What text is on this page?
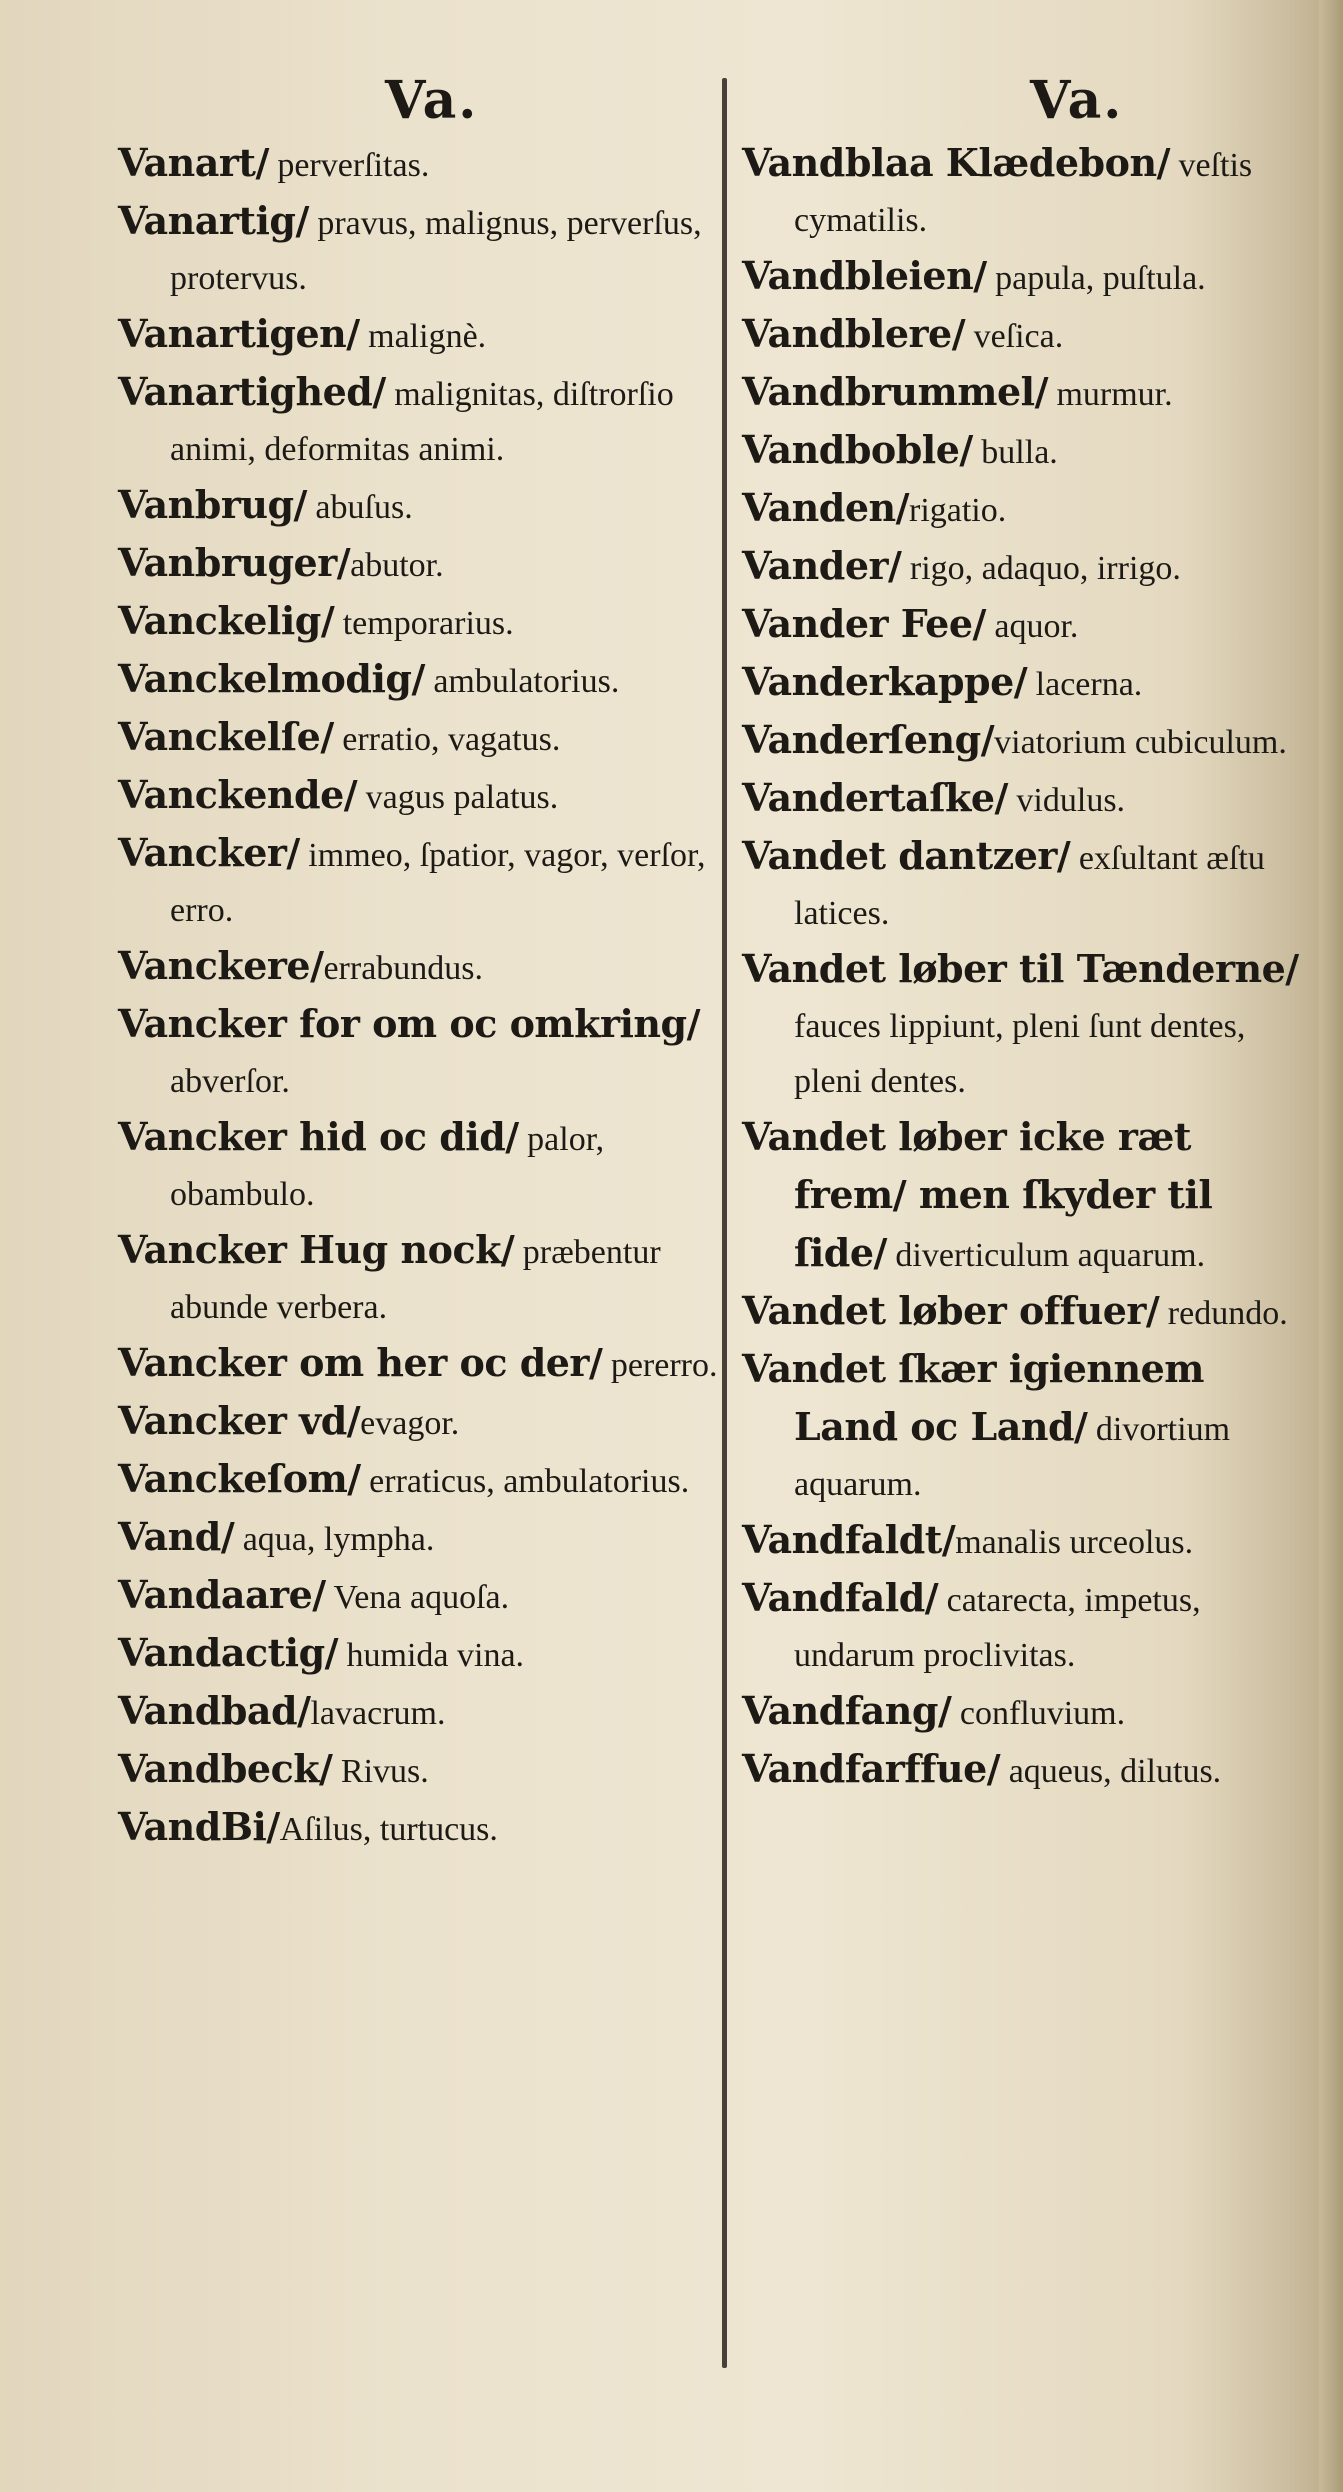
Va.	Va.
Vanart/ perverſitas.
Vanartig/ pravus, malignus, perverſus, protervus.
Vanartigen/ malignè.
Vanartighed/ malignitas, diſtrorſio animi, deformitas animi.
Vanbrug/ abuſus.
Vanbruger/abutor.
Vanckelig/ temporarius.
Vanckelmodig/ ambulatorius.
Vanckelſe/ erratio, vagatus.
Vanckende/ vagus palatus.
Vancker/ immeo, ſpatior, vagor, verſor, erro.
Vanckere/errabundus.
Vancker for om oc omkring/ abverſor.
Vancker hid oc did/ palor, obambulo.
Vancker Hug nock/ præbentur abunde verbera.
Vancker om her oc der/ pererro.
Vancker vd/evagor.
Vanckeſom/ erraticus, ambulatorius.
Vand/ aqua, lympha.
Vandaare/ Vena aquoſa.
Vandactig/ humida vina.
Vandbad/lavacrum.
Vandbeck/ Rivus.
VandBi/Aſilus, turtucus.
Vandblaa Klædebon/ veſtis cymatilis.
Vandbleien/ papula, puſtula.
Vandblere/ veſica.
Vandbrummel/ murmur.
Vandboble/ bulla.
Vanden/rigatio.
Vander/ rigo, adaquo, irrigo.
Vander Fee/ aquor.
Vanderkappe/ lacerna.
Vanderſeng/viatorium cubiculum.
Vandertaſke/ vidulus.
Vandet dantzer/ exſultant æſtu latices.
Vandet løber til Tænderne/ fauces lippiunt, pleni ſunt dentes, pleni dentes.
Vandet løber icke ræt frem/ men ſkyder til ſide/ diverticulum aquarum.
Vandet løber offuer/ redundo.
Vandet ſkær igiennem Land oc Land/ divortium aquarum.
Vandfaldt/manalis urceolus.
Vandfald/ catarecta, impetus, undarum proclivitas.
Vandfang/ confluvium.
Vandfarffue/ aqueus, dilutus.
